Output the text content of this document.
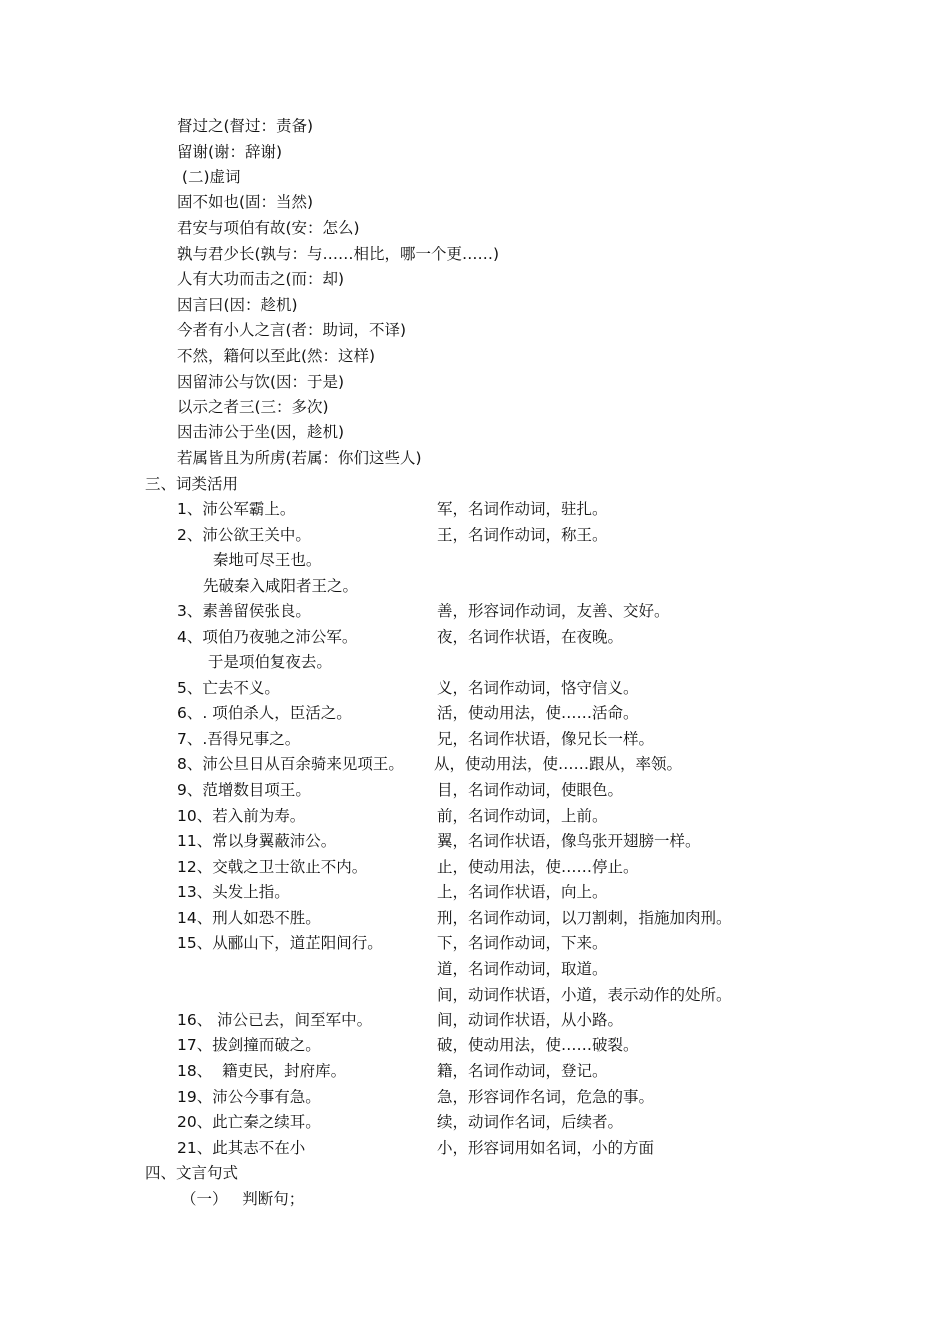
督过之(督过：责备)
留谢(谢：辞谢)
(二)虚词
固不如也(固：当然)
君安与项伯有故(安：怎么)
孰与君少长(孰与：与……相比，哪一个更……)
人有大功而击之(而：却)
因言曰(因：趁机)
今者有小人之言(者：助词，不译)
不然，籍何以至此(然：这样)
因留沛公与饮(因：于是)
以示之者三(三：多次)
因击沛公于坐(因，趁机)
若属皆且为所虏(若属：你们这些人)
三、词类活用
1、沛公军霸上。	军，名词作动词，驻扎。
2、沛公欲王关中。	王，名词作动词，称王。
秦地可尽王也。
先破秦入咸阳者王之。
3、素善留侯张良。	善，形容词作动词，友善、交好。
4、项伯乃夜驰之沛公军。	夜，名词作状语，在夜晚。
于是项伯复夜去。
5、亡去不义。	义，名词作动词，恪守信义。
6、. 项伯杀人，臣活之。	活，使动用法，使……活命。
7、.吾得兄事之。	兄，名词作状语，像兄长一样。
8、沛公旦日从百余骑来见项王。 从，使动用法，使……跟从，率领。
9、范增数目项王。	目，名词作动词，使眼色。
10、若入前为寿。	前，名词作动词，上前。
11、常以身翼蔽沛公。	翼，名词作状语，像鸟张开翅膀一样。
12、交戟之卫士欲止不内。	止，使动用法，使……停止。
13、头发上指。	上，名词作状语，向上。
14、刑人如恐不胜。	刑，名词作动词，以刀割刺，指施加肉刑。
15、从郦山下，道芷阳间行。	下，名词作动词，下来。
道，名词作动词，取道。
间，动词作状语，小道，表示动作的处所。
16、 沛公已去，间至军中。	间，动词作状语，从小路。
17、拔剑撞而破之。	破，使动用法，使……破裂。
18、  籍吏民，封府库。	籍，名词作动词，登记。
19、沛公今事有急。	急，形容词作名词，危急的事。
20、此亡秦之续耳。	续，动词作名词，后续者。
21、此其志不在小	小，形容词用如名词，小的方面
四、文言句式
（一）   判断句；
